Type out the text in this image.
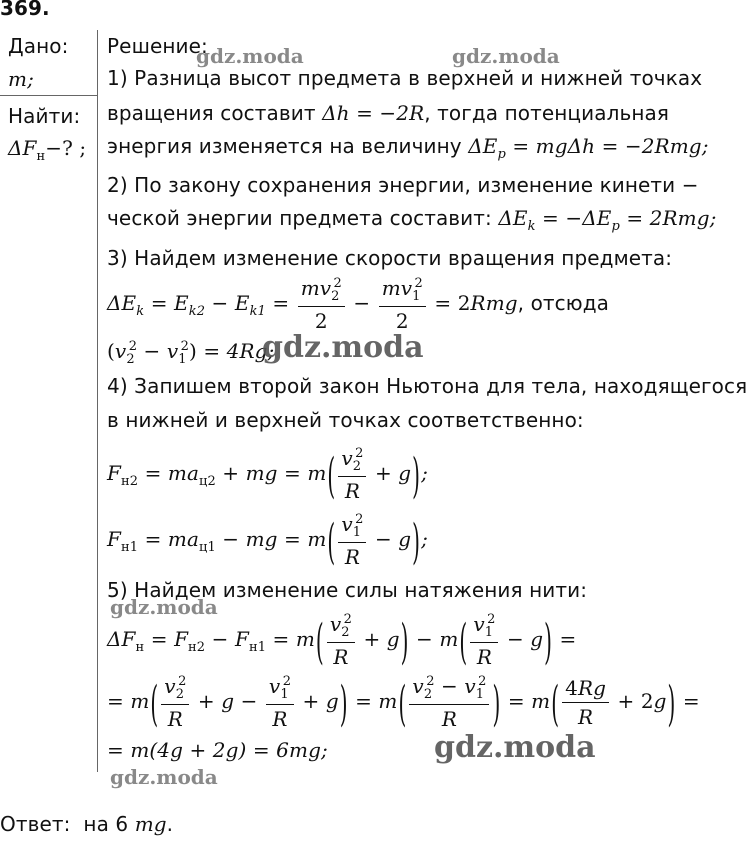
369.
Дано:
m;
Найти:
$\Delta F_н-$? ;
Решение:
1) Разница высот предмета в верхней и нижней точках
вращения составит Δh = −2R, тогда потенциальная
энергия изменяется на величину $\Delta E_p = mg\Delta h = -2Rmg$;
2) По закону сохранения энергии, изменение кинети −
ческой энергии предмета составит: $\Delta E_k = -\Delta E_p = 2Rmg$;
3) Найдем изменение скорости вращения предмета:
$\Delta E_k = E_{k2} - E_{k1} = \frac{mv_2^2}{2} - \frac{mv_1^2}{2} = 2Rmg$, отсюда
$(v_2^2 - v_1^2) = 4Rg$;
4) Запишем второй закон Ньютона для тела, находящегося
в нижней и верхней точках соответственно:
$F_{н2} = ma_{ц2}$ + mg = $m( \frac{v_2^2}{R} + g)$;
$F_{н1} = ma_{ц1}$ − mg = $m( \frac{v_1^2}{R} - g)$;
5) Найдем изменение силы натяжения нити:
$\Delta F_н = F_{н2} - F_{н1} = m( \frac{v_2^2}{R} + g) - m( \frac{v_1^2}{R} - g)$ =
= $m( \frac{v_2^2}{R} + g - \frac{v_1^2}{R} + g) = m( \frac{v_2^2 - v_1^2}{R}$ ) = $m( \frac{4Rg}{R} + 2g)$ =
= m(4g + 2g) = 6mg;
Ответ: на 6 mg.
gdz.moda	gdz.moda
gdz.moda
gdz.moda
gdz.moda
gdz.moda
